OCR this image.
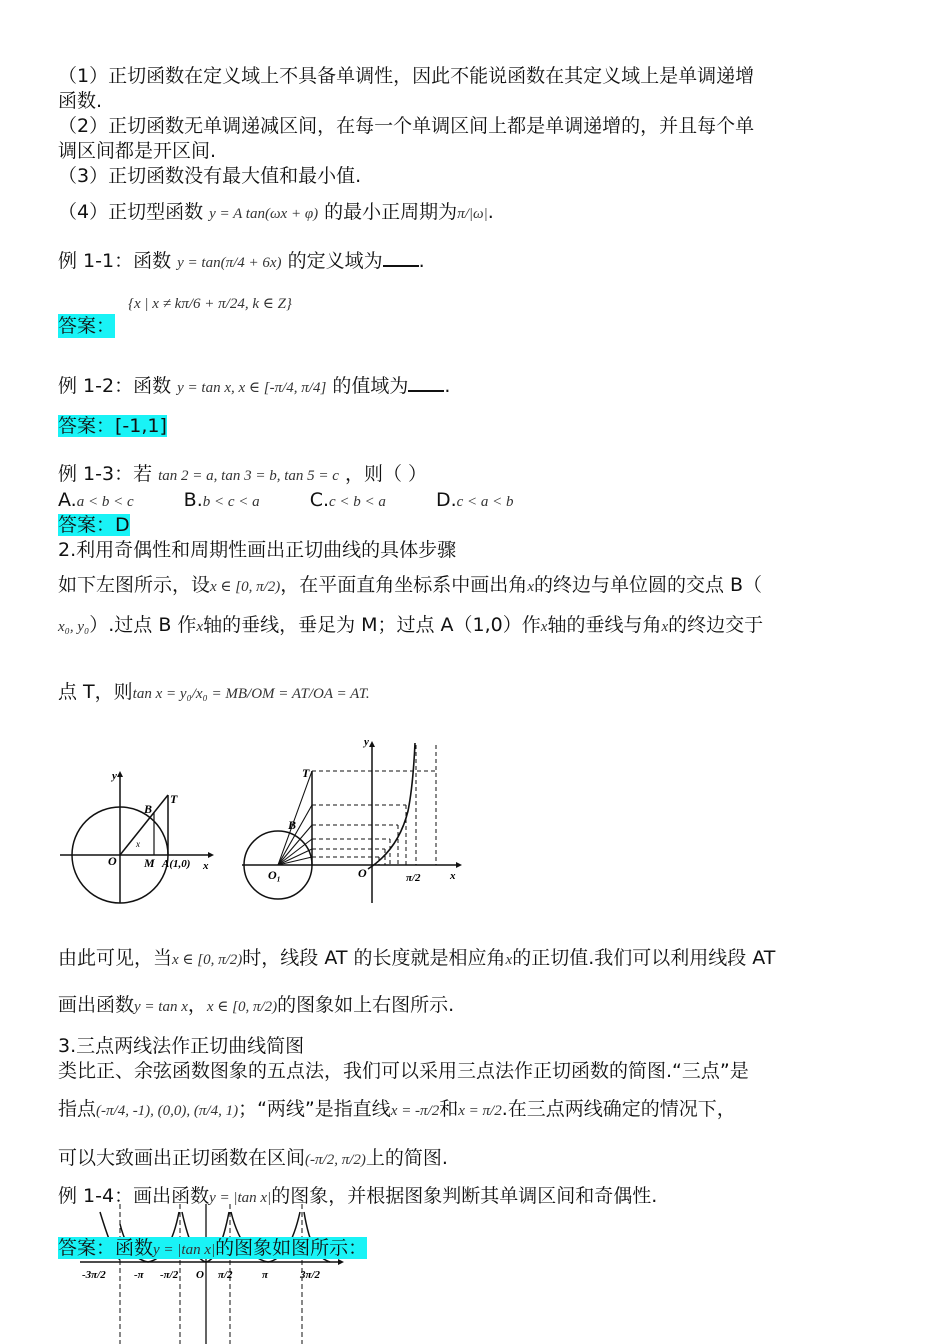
（1）正切函数在定义域上不具备单调性，因此不能说函数在其定义域上是单调递增
函数.
（2）正切函数无单调递减区间，在每一个单调区间上都是单调递增的，并且每个单
调区间都是开区间.
（3）正切函数没有最大值和最小值.
（4）正切型函数 y = A tan(ωx + φ) 的最小正周期为π/|ω|.
例 1-1：函数 y = tan(π/4 + 6x) 的定义域为 .
{x | x ≠ kπ/6 + π/24, k ∈ Z}
答案：
例 1-2：函数 y = tan x, x ∈ [-π/4, π/4] 的值域为 .
答案：[-1,1]
例 1-3：若 tan 2 = a, tan 3 = b, tan 5 = c ，则（ ）
A.a < b < c	B.b < c < a	C.c < b < a	D.c < a < b
答案：D
2.利用奇偶性和周期性画出正切曲线的具体步骤
如下左图所示，设x ∈ [0, π/2)，在平面直角坐标系中画出角x的终边与单位圆的交点 B（
x₀, y₀）.过点 B 作x轴的垂线，垂足为 M；过点 A（1,0）作x轴的垂线与角x的终边交于
点 T，则tan x = y₀/x₀ = MB/OM = AT/OA = AT.
y
x
O
B
T
M A(1,0)
x
T
B
O₁	O	π/2
y
x
由此可见，当x ∈ [0, π/2)时，线段 AT 的长度就是相应角x的正切值.我们可以利用线段 AT
画出函数y = tan x，x ∈ [0, π/2)的图象如上右图所示.
3.三点两线法作正切曲线简图
类比正、余弦函数图象的五点法，我们可以采用三点法作正切函数的简图.“三点”是
指点(-π/4, -1), (0,0), (π/4, 1)；“两线”是指直线x = -π/2和x = π/2.在三点两线确定的情况下，
可以大致画出正切函数在区间(-π/2, π/2)上的简图.
例 1-4：画出函数y = |tan x|的图象，并根据图象判断其单调区间和奇偶性.
-3π/2	-π -π/2 O π/2	π	3π/2
答案：函数y = |tan x|的图象如图所示：
